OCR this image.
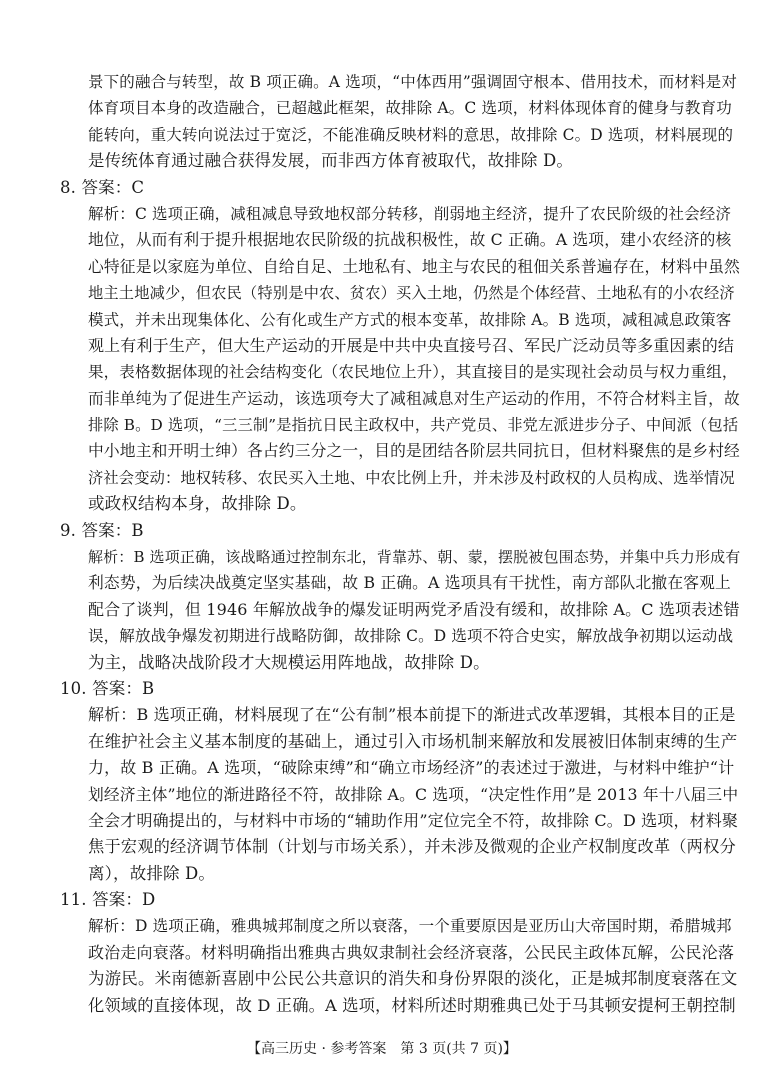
景下的融合与转型，故 B 项正确。A 选项，“中体西用”强调固守根本、借用技术，而材料是对
体育项目本身的改造融合，已超越此框架，故排除 A。C 选项，材料体现体育的健身与教育功
能转向，重大转向说法过于宽泛，不能准确反映材料的意思，故排除 C。D 选项，材料展现的
是传统体育通过融合获得发展，而非西方体育被取代，故排除 D。
8. 答案：C
解析：C 选项正确，减租减息导致地权部分转移，削弱地主经济，提升了农民阶级的社会经济
地位，从而有利于提升根据地农民阶级的抗战积极性，故 C 正确。A 选项，建小农经济的核
心特征是以家庭为单位、自给自足、土地私有、地主与农民的租佃关系普遍存在，材料中虽然
地主土地减少，但农民（特别是中农、贫农）买入土地，仍然是个体经营、土地私有的小农经济
模式，并未出现集体化、公有化或生产方式的根本变革，故排除 A。B 选项，减租减息政策客
观上有利于生产，但大生产运动的开展是中共中央直接号召、军民广泛动员等多重因素的结
果，表格数据体现的社会结构变化（农民地位上升），其直接目的是实现社会动员与权力重组，
而非单纯为了促进生产运动，该选项夸大了减租减息对生产运动的作用，不符合材料主旨，故
排除 B。D 选项，“三三制”是指抗日民主政权中，共产党员、非党左派进步分子、中间派（包括
中小地主和开明士绅）各占约三分之一，目的是团结各阶层共同抗日，但材料聚焦的是乡村经
济社会变动：地权转移、农民买入土地、中农比例上升，并未涉及村政权的人员构成、选举情况
或政权结构本身，故排除 D。
9. 答案：B
解析：B 选项正确，该战略通过控制东北，背靠苏、朝、蒙，摆脱被包围态势，并集中兵力形成有
利态势，为后续决战奠定坚实基础，故 B 正确。A 选项具有干扰性，南方部队北撤在客观上
配合了谈判，但 1946 年解放战争的爆发证明两党矛盾没有缓和，故排除 A。C 选项表述错
误，解放战争爆发初期进行战略防御，故排除 C。D 选项不符合史实，解放战争初期以运动战
为主，战略决战阶段才大规模运用阵地战，故排除 D。
10. 答案：B
解析：B 选项正确，材料展现了在“公有制”根本前提下的渐进式改革逻辑，其根本目的正是
在维护社会主义基本制度的基础上，通过引入市场机制来解放和发展被旧体制束缚的生产
力，故 B 正确。A 选项，“破除束缚”和“确立市场经济”的表述过于激进，与材料中维护“计
划经济主体”地位的渐进路径不符，故排除 A。C 选项，“决定性作用”是 2013 年十八届三中
全会才明确提出的，与材料中市场的“辅助作用”定位完全不符，故排除 C。D 选项，材料聚
焦于宏观的经济调节体制（计划与市场关系），并未涉及微观的企业产权制度改革（两权分
离），故排除 D。
11. 答案：D
解析：D 选项正确，雅典城邦制度之所以衰落，一个重要原因是亚历山大帝国时期，希腊城邦
政治走向衰落。材料明确指出雅典古典奴隶制社会经济衰落，公民民主政体瓦解，公民沦落
为游民。米南德新喜剧中公民公共意识的消失和身份界限的淡化，正是城邦制度衰落在文
化领域的直接体现，故 D 正确。A 选项，材料所述时期雅典已处于马其顿安提柯王朝控制
【高三历史 · 参考答案　第 3 页(共 7 页)】
